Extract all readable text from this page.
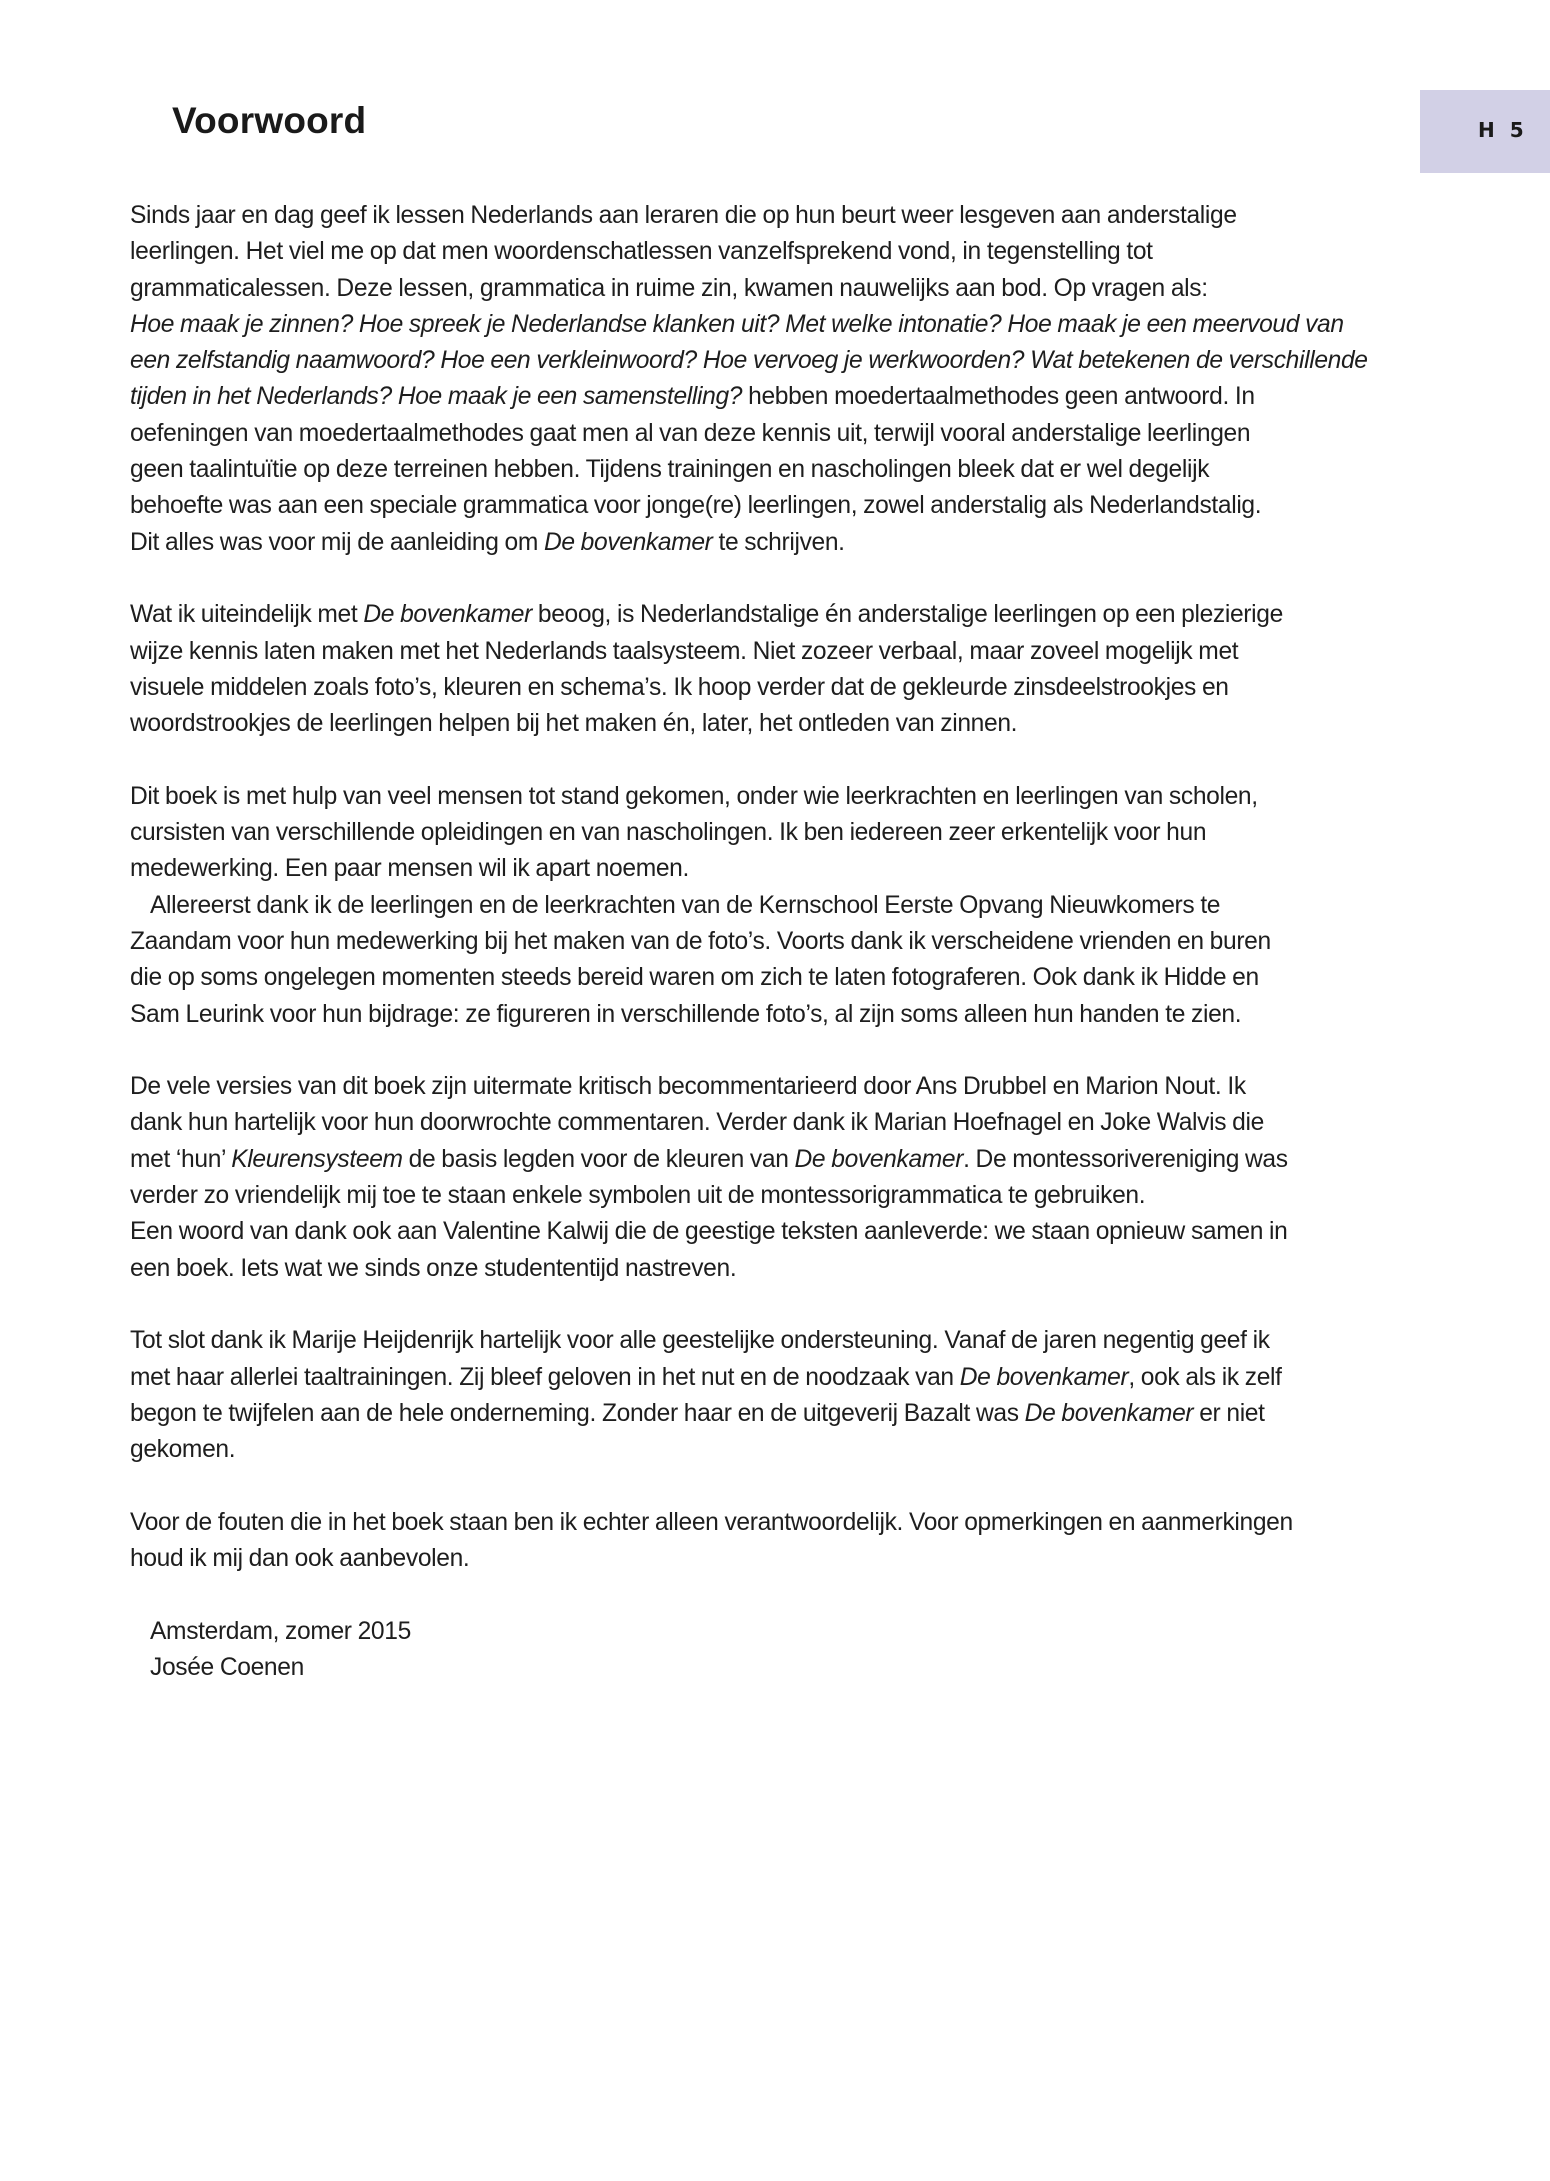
H 5
Voorwoord

Sinds jaar en dag geef ik lessen Nederlands aan leraren die op hun beurt weer lesgeven aan anderstalige
leerlingen. Het viel me op dat men woordenschatlessen vanzelfsprekend vond, in tegenstelling tot
grammaticalessen. Deze lessen, grammatica in ruime zin, kwamen nauwelijks aan bod. Op vragen als:
Hoe maak je zinnen? Hoe spreek je Nederlandse klanken uit? Met welke intonatie? Hoe maak je een meervoud van
een zelfstandig naamwoord? Hoe een verkleinwoord? Hoe vervoeg je werkwoorden? Wat betekenen de verschillende
tijden in het Nederlands? Hoe maak je een samenstelling? hebben moedertaalmethodes geen antwoord. In
oefeningen van moedertaalmethodes gaat men al van deze kennis uit, terwijl vooral anderstalige leerlingen
geen taalintuïtie op deze terreinen hebben. Tijdens trainingen en nascholingen bleek dat er wel degelijk
behoefte was aan een speciale grammatica voor jonge(re) leerlingen, zowel anderstalig als Nederlandstalig.
Dit alles was voor mij de aanleiding om De bovenkamer te schrijven.

Wat ik uiteindelijk met De bovenkamer beoog, is Nederlandstalige én anderstalige leerlingen op een plezierige
wijze kennis laten maken met het Nederlands taalsysteem. Niet zozeer verbaal, maar zoveel mogelijk met
visuele middelen zoals foto’s, kleuren en schema’s. Ik hoop verder dat de gekleurde zinsdeelstrookjes en
woordstrookjes de leerlingen helpen bij het maken én, later, het ontleden van zinnen.

Dit boek is met hulp van veel mensen tot stand gekomen, onder wie leerkrachten en leerlingen van scholen,
cursisten van verschillende opleidingen en van nascholingen. Ik ben iedereen zeer erkentelijk voor hun
medewerking. Een paar mensen wil ik apart noemen.
Allereerst dank ik de leerlingen en de leerkrachten van de Kernschool Eerste Opvang Nieuwkomers te
Zaandam voor hun medewerking bij het maken van de foto’s. Voorts dank ik verscheidene vrienden en buren
die op soms ongelegen momenten steeds bereid waren om zich te laten fotograferen. Ook dank ik Hidde en
Sam Leurink voor hun bijdrage: ze figureren in verschillende foto’s, al zijn soms alleen hun handen te zien.

De vele versies van dit boek zijn uitermate kritisch becommentarieerd door Ans Drubbel en Marion Nout. Ik
dank hun hartelijk voor hun doorwrochte commentaren. Verder dank ik Marian Hoefnagel en Joke Walvis die
met ‘hun’ Kleurensysteem de basis legden voor de kleuren van De bovenkamer. De montessorivereniging was
verder zo vriendelijk mij toe te staan enkele symbolen uit de montessorigrammatica te gebruiken.
Een woord van dank ook aan Valentine Kalwij die de geestige teksten aanleverde: we staan opnieuw samen in
een boek. Iets wat we sinds onze studententijd nastreven.

Tot slot dank ik Marije Heijdenrijk hartelijk voor alle geestelijke ondersteuning. Vanaf de jaren negentig geef ik
met haar allerlei taaltrainingen. Zij bleef geloven in het nut en de noodzaak van De bovenkamer, ook als ik zelf
begon te twijfelen aan de hele onderneming. Zonder haar en de uitgeverij Bazalt was De bovenkamer er niet
gekomen.

Voor de fouten die in het boek staan ben ik echter alleen verantwoordelijk. Voor opmerkingen en aanmerkingen
houd ik mij dan ook aanbevolen.

Amsterdam, zomer 2015
Josée Coenen
